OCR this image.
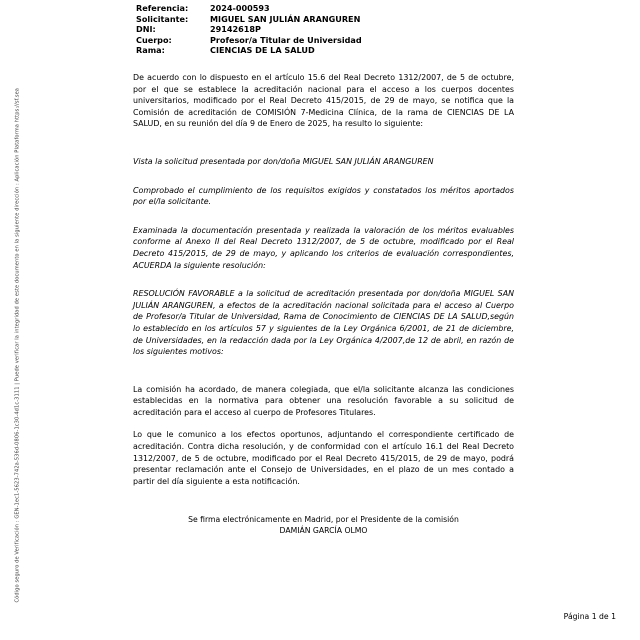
Código seguro de Verificación : GEN-1ec1-5623-742a-536d-0806-1c30-4d1c-3111 | Puede verificar la integridad de este documento en la siguiente dirección : Aplicación Plataforma https://sf.sea
Referencia:	2024-000593
Solicitante:	MIGUEL SAN JULIÁN ARANGUREN
DNI:	29142618P
Cuerpo:	Profesor/a Titular de Universidad
Rama:	CIENCIAS DE LA SALUD

De acuerdo con lo dispuesto en el artículo 15.6 del Real Decreto 1312/2007, de 5 de octubre, por el que se establece la acreditación nacional para el acceso a los cuerpos docentes universitarios, modificado por el Real Decreto 415/2015, de 29 de mayo, se notifica que la Comisión de acreditación de COMISIÓN 7-Medicina Clínica, de la rama de CIENCIAS DE LA SALUD, en su reunión del día 9 de Enero de 2025, ha resulto lo siguiente:

Vista la solicitud presentada por don/doña MIGUEL SAN JULIÁN ARANGUREN

Comprobado el cumplimiento de los requisitos exigidos y constatados los méritos aportados por el/la solicitante.

Examinada la documentación presentada y realizada la valoración de los méritos evaluables conforme al Anexo II del Real Decreto 1312/2007, de 5 de octubre, modificado por el Real Decreto 415/2015, de 29 de mayo, y aplicando los criterios de evaluación correspondientes, ACUERDA la siguiente resolución:

RESOLUCIÓN FAVORABLE a la solicitud de acreditación presentada por don/doña MIGUEL SAN JULIÁN ARANGUREN, a efectos de la acreditación nacional solicitada para el acceso al Cuerpo de Profesor/a Titular de Universidad, Rama de Conocimiento de CIENCIAS DE LA SALUD,según lo establecido en los artículos 57 y siguientes de la Ley Orgánica 6/2001, de 21 de diciembre, de Universidades, en la redacción dada por la Ley Orgánica 4/2007,de 12 de abril, en razón de los siguientes motivos:

La comisión ha acordado, de manera colegiada, que el/la solicitante alcanza las condiciones establecidas en la normativa para obtener una resolución favorable a su solicitud de acreditación para el acceso al cuerpo de Profesores Titulares.

Lo que le comunico a los efectos oportunos, adjuntando el correspondiente certificado de acreditación. Contra dicha resolución, y de conformidad con el artículo 16.1 del Real Decreto 1312/2007, de 5 de octubre, modificado por el Real Decreto 415/2015, de 29 de mayo, podrá presentar reclamación ante el Consejo de Universidades, en el plazo de un mes contado a partir del día siguiente a esta notificación.

Se firma electrónicamente en Madrid, por el Presidente de la comisión
DAMIÁN GARCÍA OLMO
Página 1 de 1
